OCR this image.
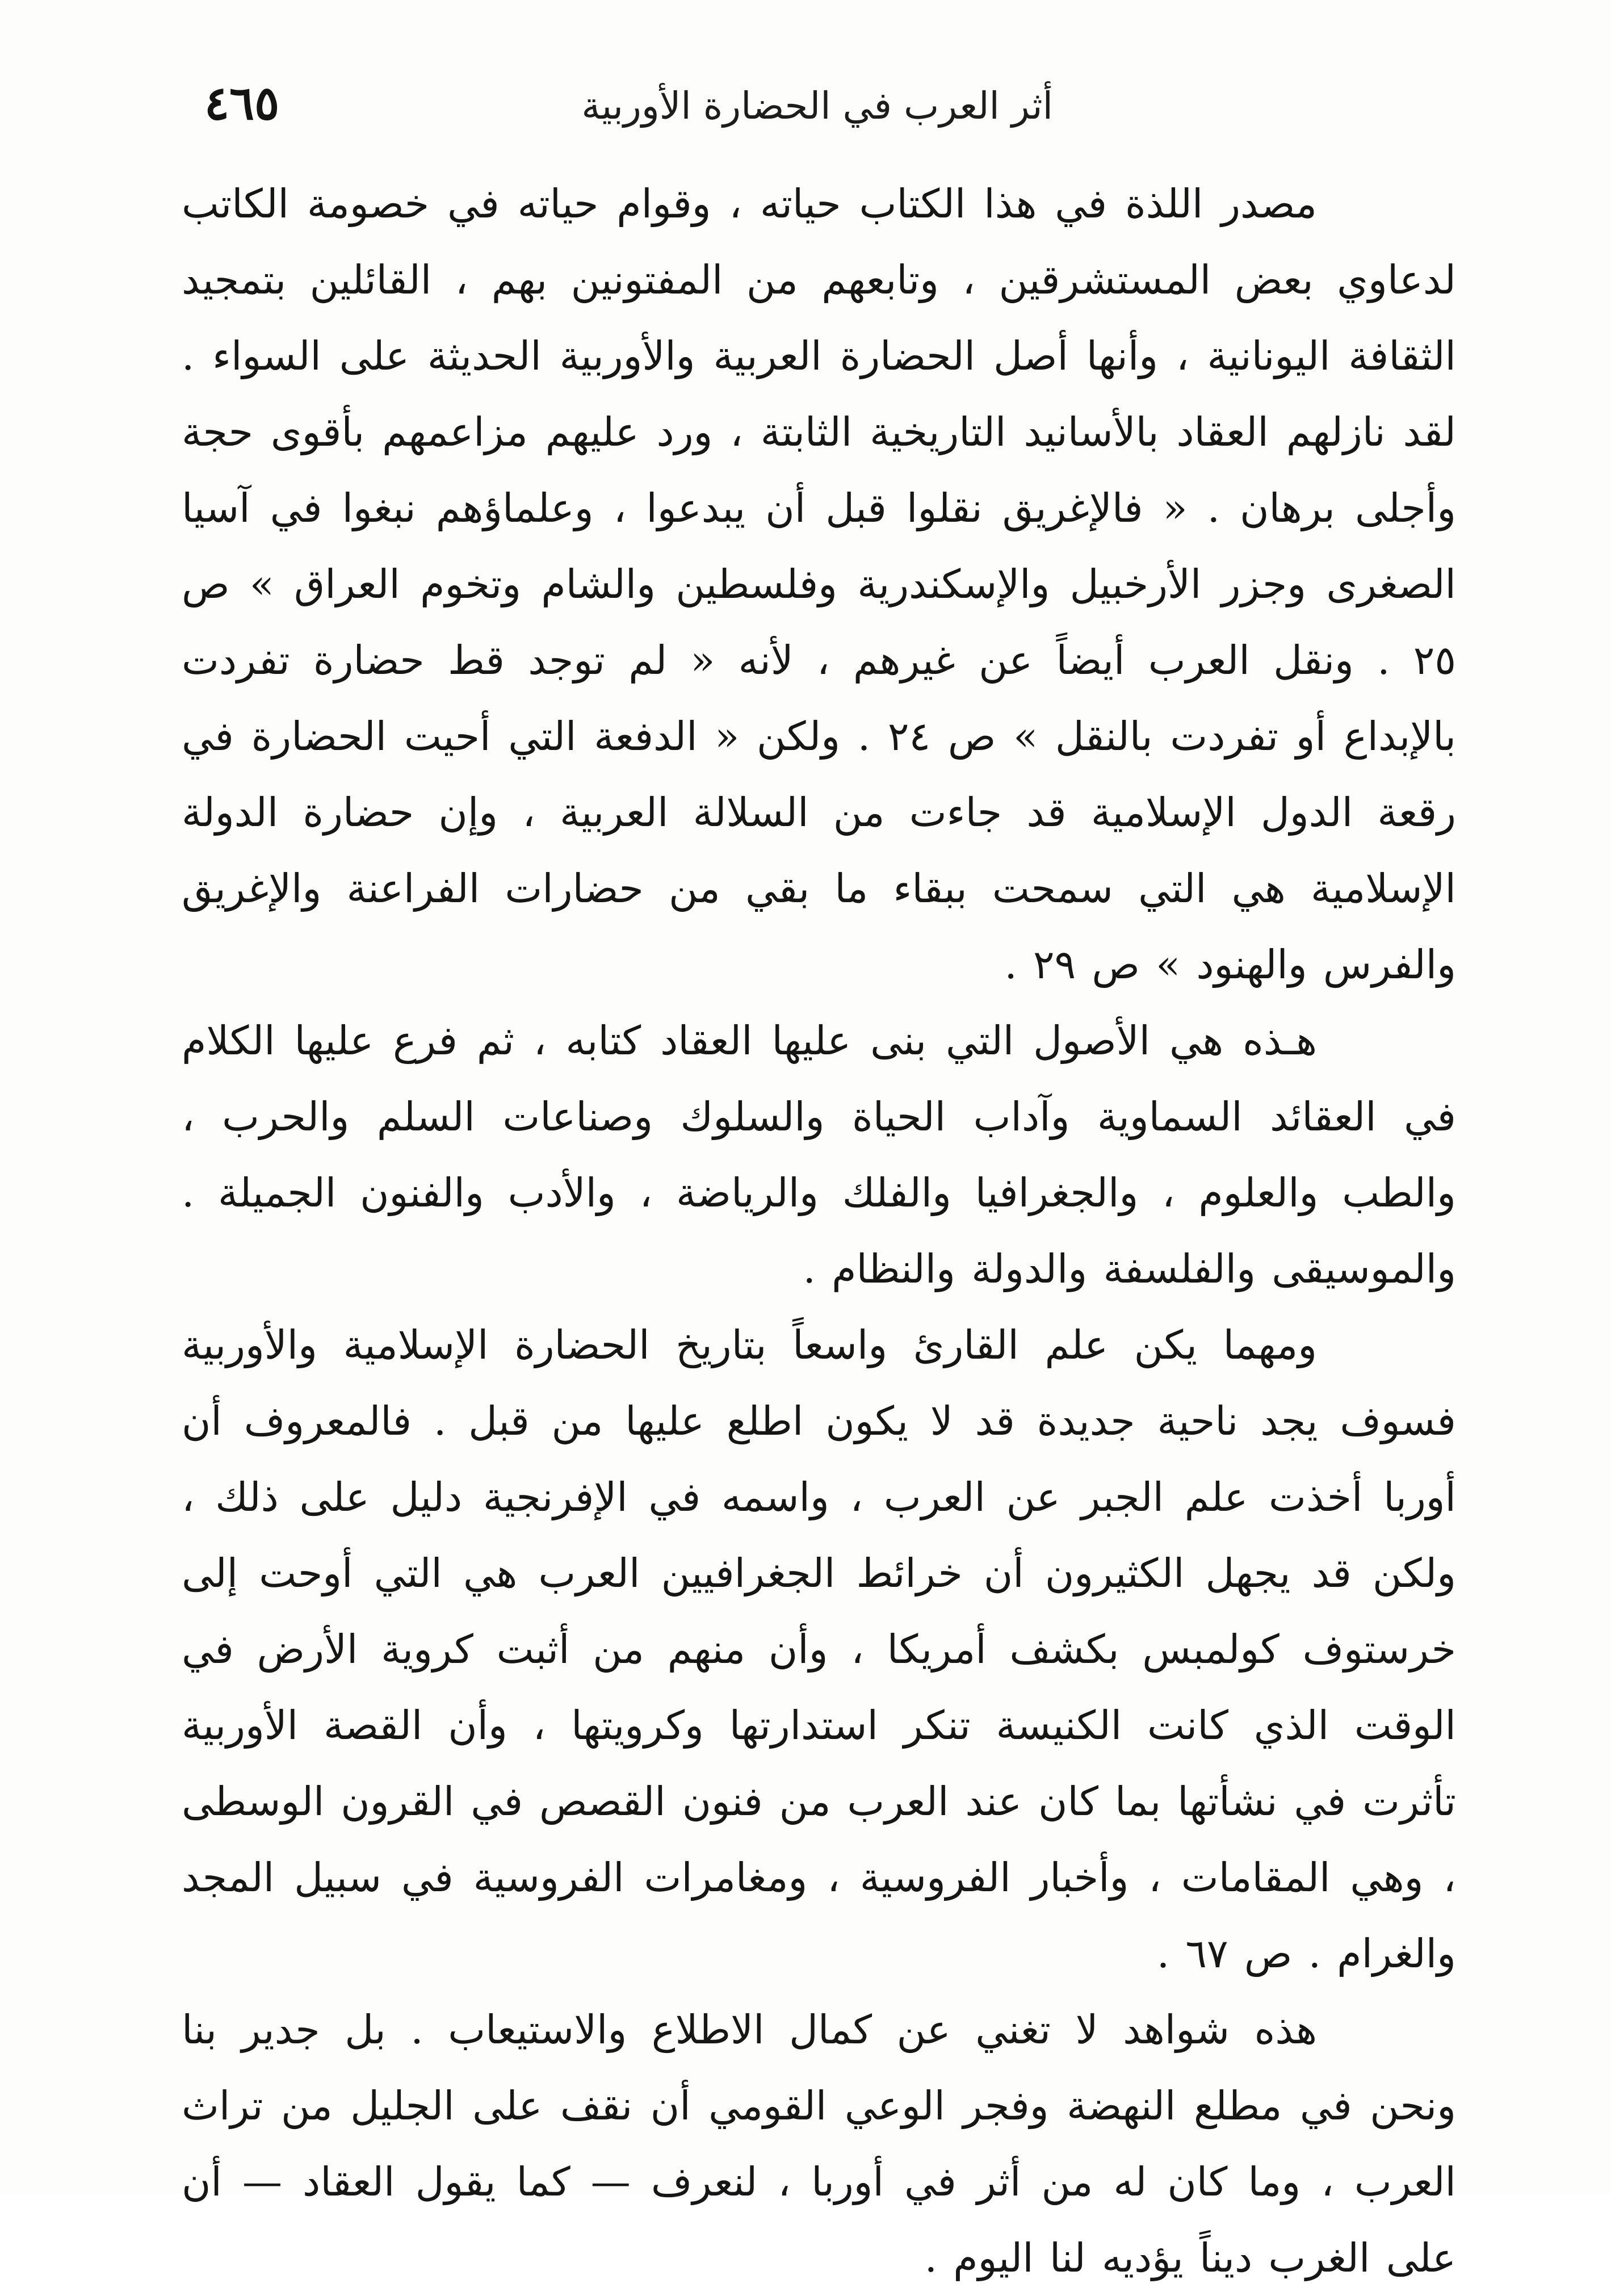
أثر العرب في الحضارة الأوربية
٤٦٥

مصدر اللذة في هذا الكتاب حياته ، وقوام حياته في خصومة الكاتب لدعاوي بعض المستشرقين ، وتابعهم من المفتونين بهم ، القائلين بتمجيد الثقافة اليونانية ، وأنها أصل الحضارة العربية والأوربية الحديثة على السواء . لقد نازلهم العقاد بالأسانيد التاريخية الثابتة ، ورد عليهم مزاعمهم بأقوى حجة وأجلى برهان . « فالإغريق نقلوا قبل أن يبدعوا ، وعلماؤهم نبغوا في آسيا الصغرى وجزر الأرخبيل والإسكندرية وفلسطين والشام وتخوم العراق » ص ٢٥ . ونقل العرب أيضاً عن غيرهم ، لأنه « لم توجد قط حضارة تفردت بالإبداع أو تفردت بالنقل » ص ٢٤ . ولكن « الدفعة التي أحيت الحضارة في رقعة الدول الإسلامية قد جاءت من السلالة العربية ، وإن حضارة الدولة الإسلامية هي التي سمحت ببقاء ما بقي من حضارات الفراعنة والإغريق والفرس والهنود » ص ٢٩ .

هـذه هي الأصول التي بنى عليها العقاد كتابه ، ثم فرع عليها الكلام في العقائد السماوية وآداب الحياة والسلوك وصناعات السلم والحرب ، والطب والعلوم ، والجغرافيا والفلك والرياضة ، والأدب والفنون الجميلة . والموسيقى والفلسفة والدولة والنظام .

ومهما يكن علم القارئ واسعاً بتاريخ الحضارة الإسلامية والأوربية فسوف يجد ناحية جديدة قد لا يكون اطلع عليها من قبل . فالمعروف أن أوربا أخذت علم الجبر عن العرب ، واسمه في الإفرنجية دليل على ذلك ، ولكن قد يجهل الكثيرون أن خرائط الجغرافيين العرب هي التي أوحت إلى خرستوف كولمبس بكشف أمريكا ، وأن منهم من أثبت كروية الأرض في الوقت الذي كانت الكنيسة تنكر استدارتها وكرويتها ، وأن القصة الأوربية تأثرت في نشأتها بما كان عند العرب من فنون القصص في القرون الوسطى ، وهي المقامات ، وأخبار الفروسية ، ومغامرات الفروسية في سبيل المجد والغرام . ص ٦٧ .

هذه شواهد لا تغني عن كمال الاطلاع والاستيعاب . بل جدير بنا ونحن في مطلع النهضة وفجر الوعي القومي أن نقف على الجليل من تراث العرب ، وما كان له من أثر في أوربا ، لنعرف — كما يقول العقاد — أن على الغرب ديناً يؤديه لنا اليوم .
